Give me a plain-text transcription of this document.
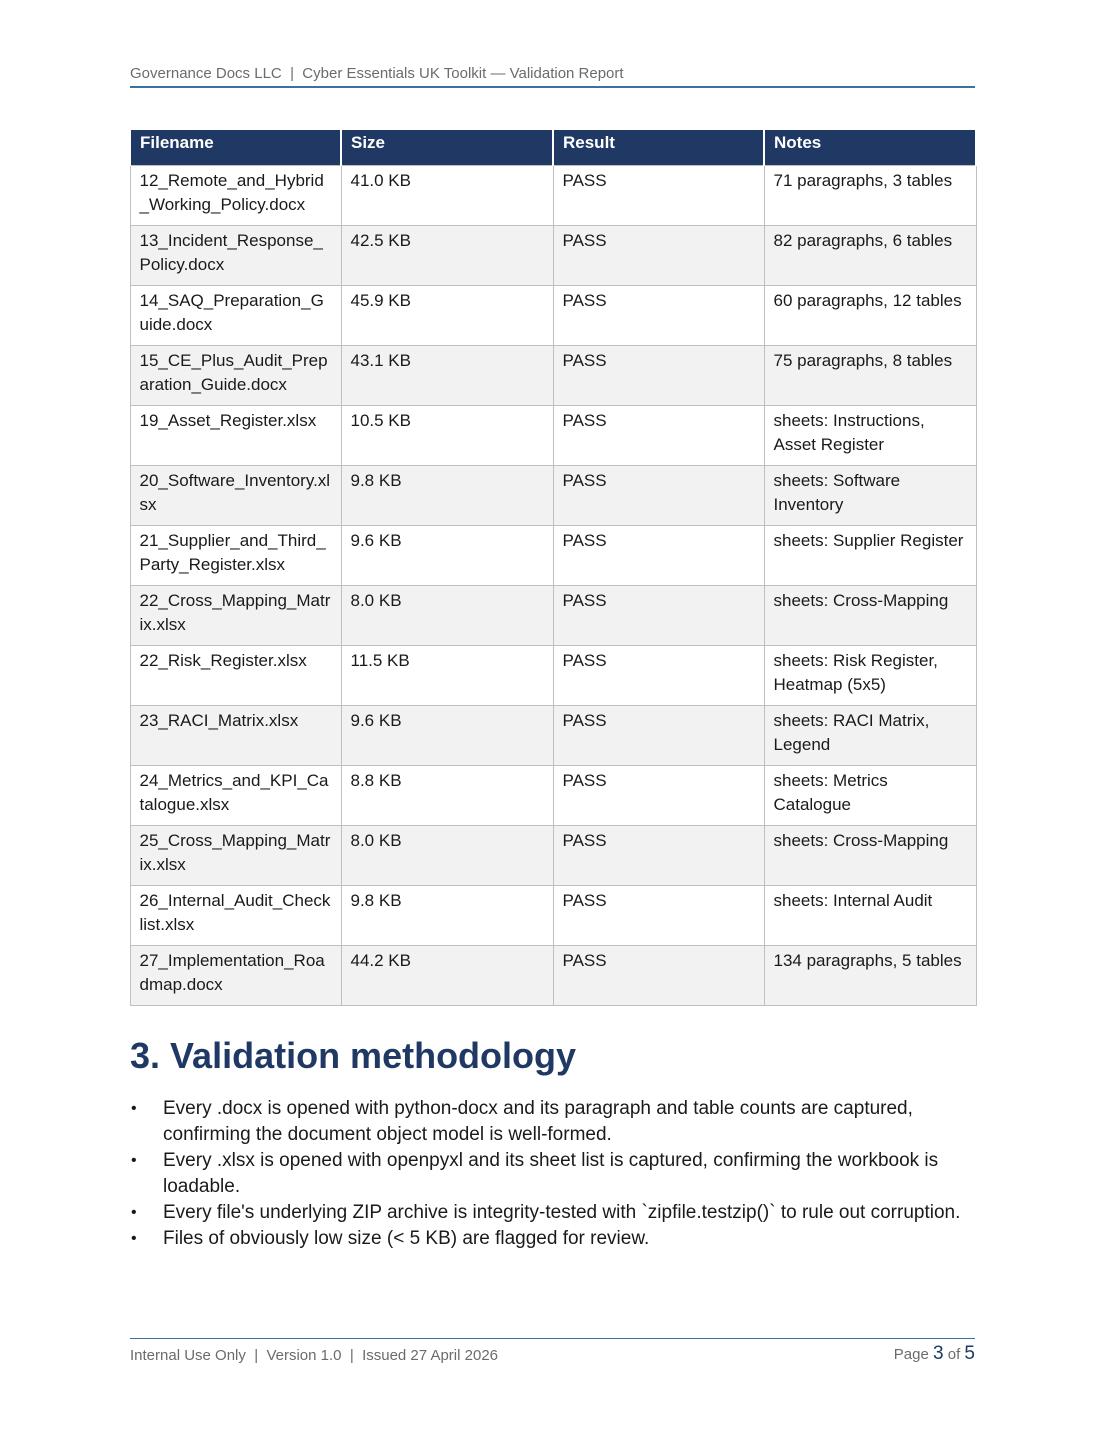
Governance Docs LLC  |  Cyber Essentials UK Toolkit — Validation Report
Filename	Size	Result	Notes
12_Remote_and_Hybrid_Working_Policy.docx	41.0 KB	PASS	71 paragraphs, 3 tables
13_Incident_Response_Policy.docx	42.5 KB	PASS	82 paragraphs, 6 tables
14_SAQ_Preparation_Guide.docx	45.9 KB	PASS	60 paragraphs, 12 tables
15_CE_Plus_Audit_Preparation_Guide.docx	43.1 KB	PASS	75 paragraphs, 8 tables
19_Asset_Register.xlsx	10.5 KB	PASS	sheets: Instructions, Asset Register
20_Software_Inventory.xlsx	9.8 KB	PASS	sheets: Software Inventory
21_Supplier_and_Third_Party_Register.xlsx	9.6 KB	PASS	sheets: Supplier Register
22_Cross_Mapping_Matrix.xlsx	8.0 KB	PASS	sheets: Cross-Mapping
22_Risk_Register.xlsx	11.5 KB	PASS	sheets: Risk Register, Heatmap (5x5)
23_RACI_Matrix.xlsx	9.6 KB	PASS	sheets: RACI Matrix, Legend
24_Metrics_and_KPI_Catalogue.xlsx	8.8 KB	PASS	sheets: Metrics Catalogue
25_Cross_Mapping_Matrix.xlsx	8.0 KB	PASS	sheets: Cross-Mapping
26_Internal_Audit_Checklist.xlsx	9.8 KB	PASS	sheets: Internal Audit
27_Implementation_Roadmap.docx	44.2 KB	PASS	134 paragraphs, 5 tables
3. Validation methodology
• Every .docx is opened with python-docx and its paragraph and table counts are captured, confirming the document object model is well-formed.
• Every .xlsx is opened with openpyxl and its sheet list is captured, confirming the workbook is loadable.
• Every file's underlying ZIP archive is integrity-tested with `zipfile.testzip()` to rule out corruption.
• Files of obviously low size (< 5 KB) are flagged for review.
Internal Use Only  |  Version 1.0  |  Issued 27 April 2026	Page 3 of 5
